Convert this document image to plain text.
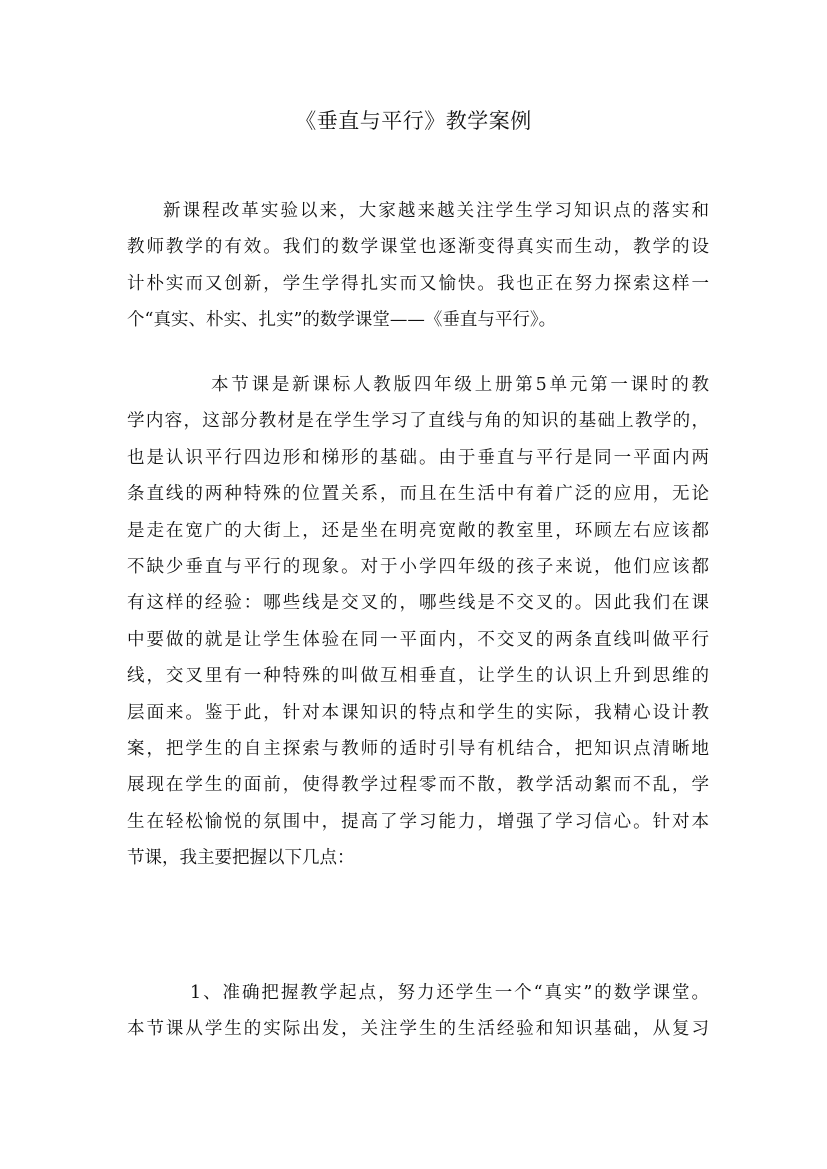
《垂直与平行》教学案例
新课程改革实验以来，大家越来越关注学生学习知识点的落实和
教师教学的有效。我们的数学课堂也逐渐变得真实而生动，教学的设
计朴实而又创新，学生学得扎实而又愉快。我也正在努力探索这样一
个“真实、朴实、扎实”的数学课堂——《垂直与平行》。
本节课是新课标人教版四年级上册第5单元第一课时的教
学内容，这部分教材是在学生学习了直线与角的知识的基础上教学的，
也是认识平行四边形和梯形的基础。由于垂直与平行是同一平面内两
条直线的两种特殊的位置关系，而且在生活中有着广泛的应用，无论
是走在宽广的大街上，还是坐在明亮宽敞的教室里，环顾左右应该都
不缺少垂直与平行的现象。对于小学四年级的孩子来说，他们应该都
有这样的经验：哪些线是交叉的，哪些线是不交叉的。因此我们在课
中要做的就是让学生体验在同一平面内，不交叉的两条直线叫做平行
线，交叉里有一种特殊的叫做互相垂直，让学生的认识上升到思维的
层面来。鉴于此，针对本课知识的特点和学生的实际，我精心设计教
案，把学生的自主探索与教师的适时引导有机结合，把知识点清晰地
展现在学生的面前，使得教学过程零而不散，教学活动絮而不乱，学
生在轻松愉悦的氛围中，提高了学习能力，增强了学习信心。针对本
节课，我主要把握以下几点：
1、准确把握教学起点，努力还学生一个“真实”的数学课堂。
本节课从学生的实际出发，关注学生的生活经验和知识基础，从复习
